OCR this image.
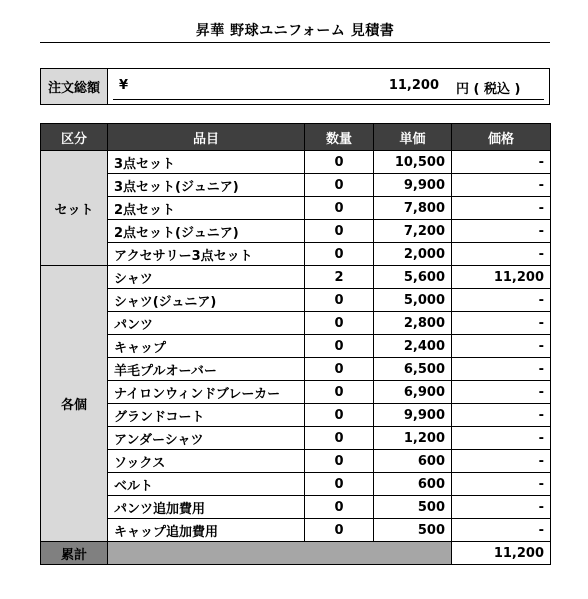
昇華 野球ユニフォーム 見積書
注文総額	¥	11,200 円 ( 税込 )
区分	品目	数量	単価	価格
セット	3点セット	0	10,500	-
	3点セット(ジュニア)	0	9,900	-
	2点セット	0	7,800	-
	2点セット(ジュニア)	0	7,200	-
	アクセサリー3点セット	0	2,000	-
各個	シャツ	2	5,600	11,200
	シャツ(ジュニア)	0	5,000	-
	パンツ	0	2,800	-
	キャップ	0	2,400	-
	羊毛プルオーバー	0	6,500	-
	ナイロンウィンドブレーカー	0	6,900	-
	グランドコート	0	9,900	-
	アンダーシャツ	0	1,200	-
	ソックス	0	600	-
	ベルト	0	600	-
	パンツ追加費用	0	500	-
	キャップ追加費用	0	500	-
累計				11,200
